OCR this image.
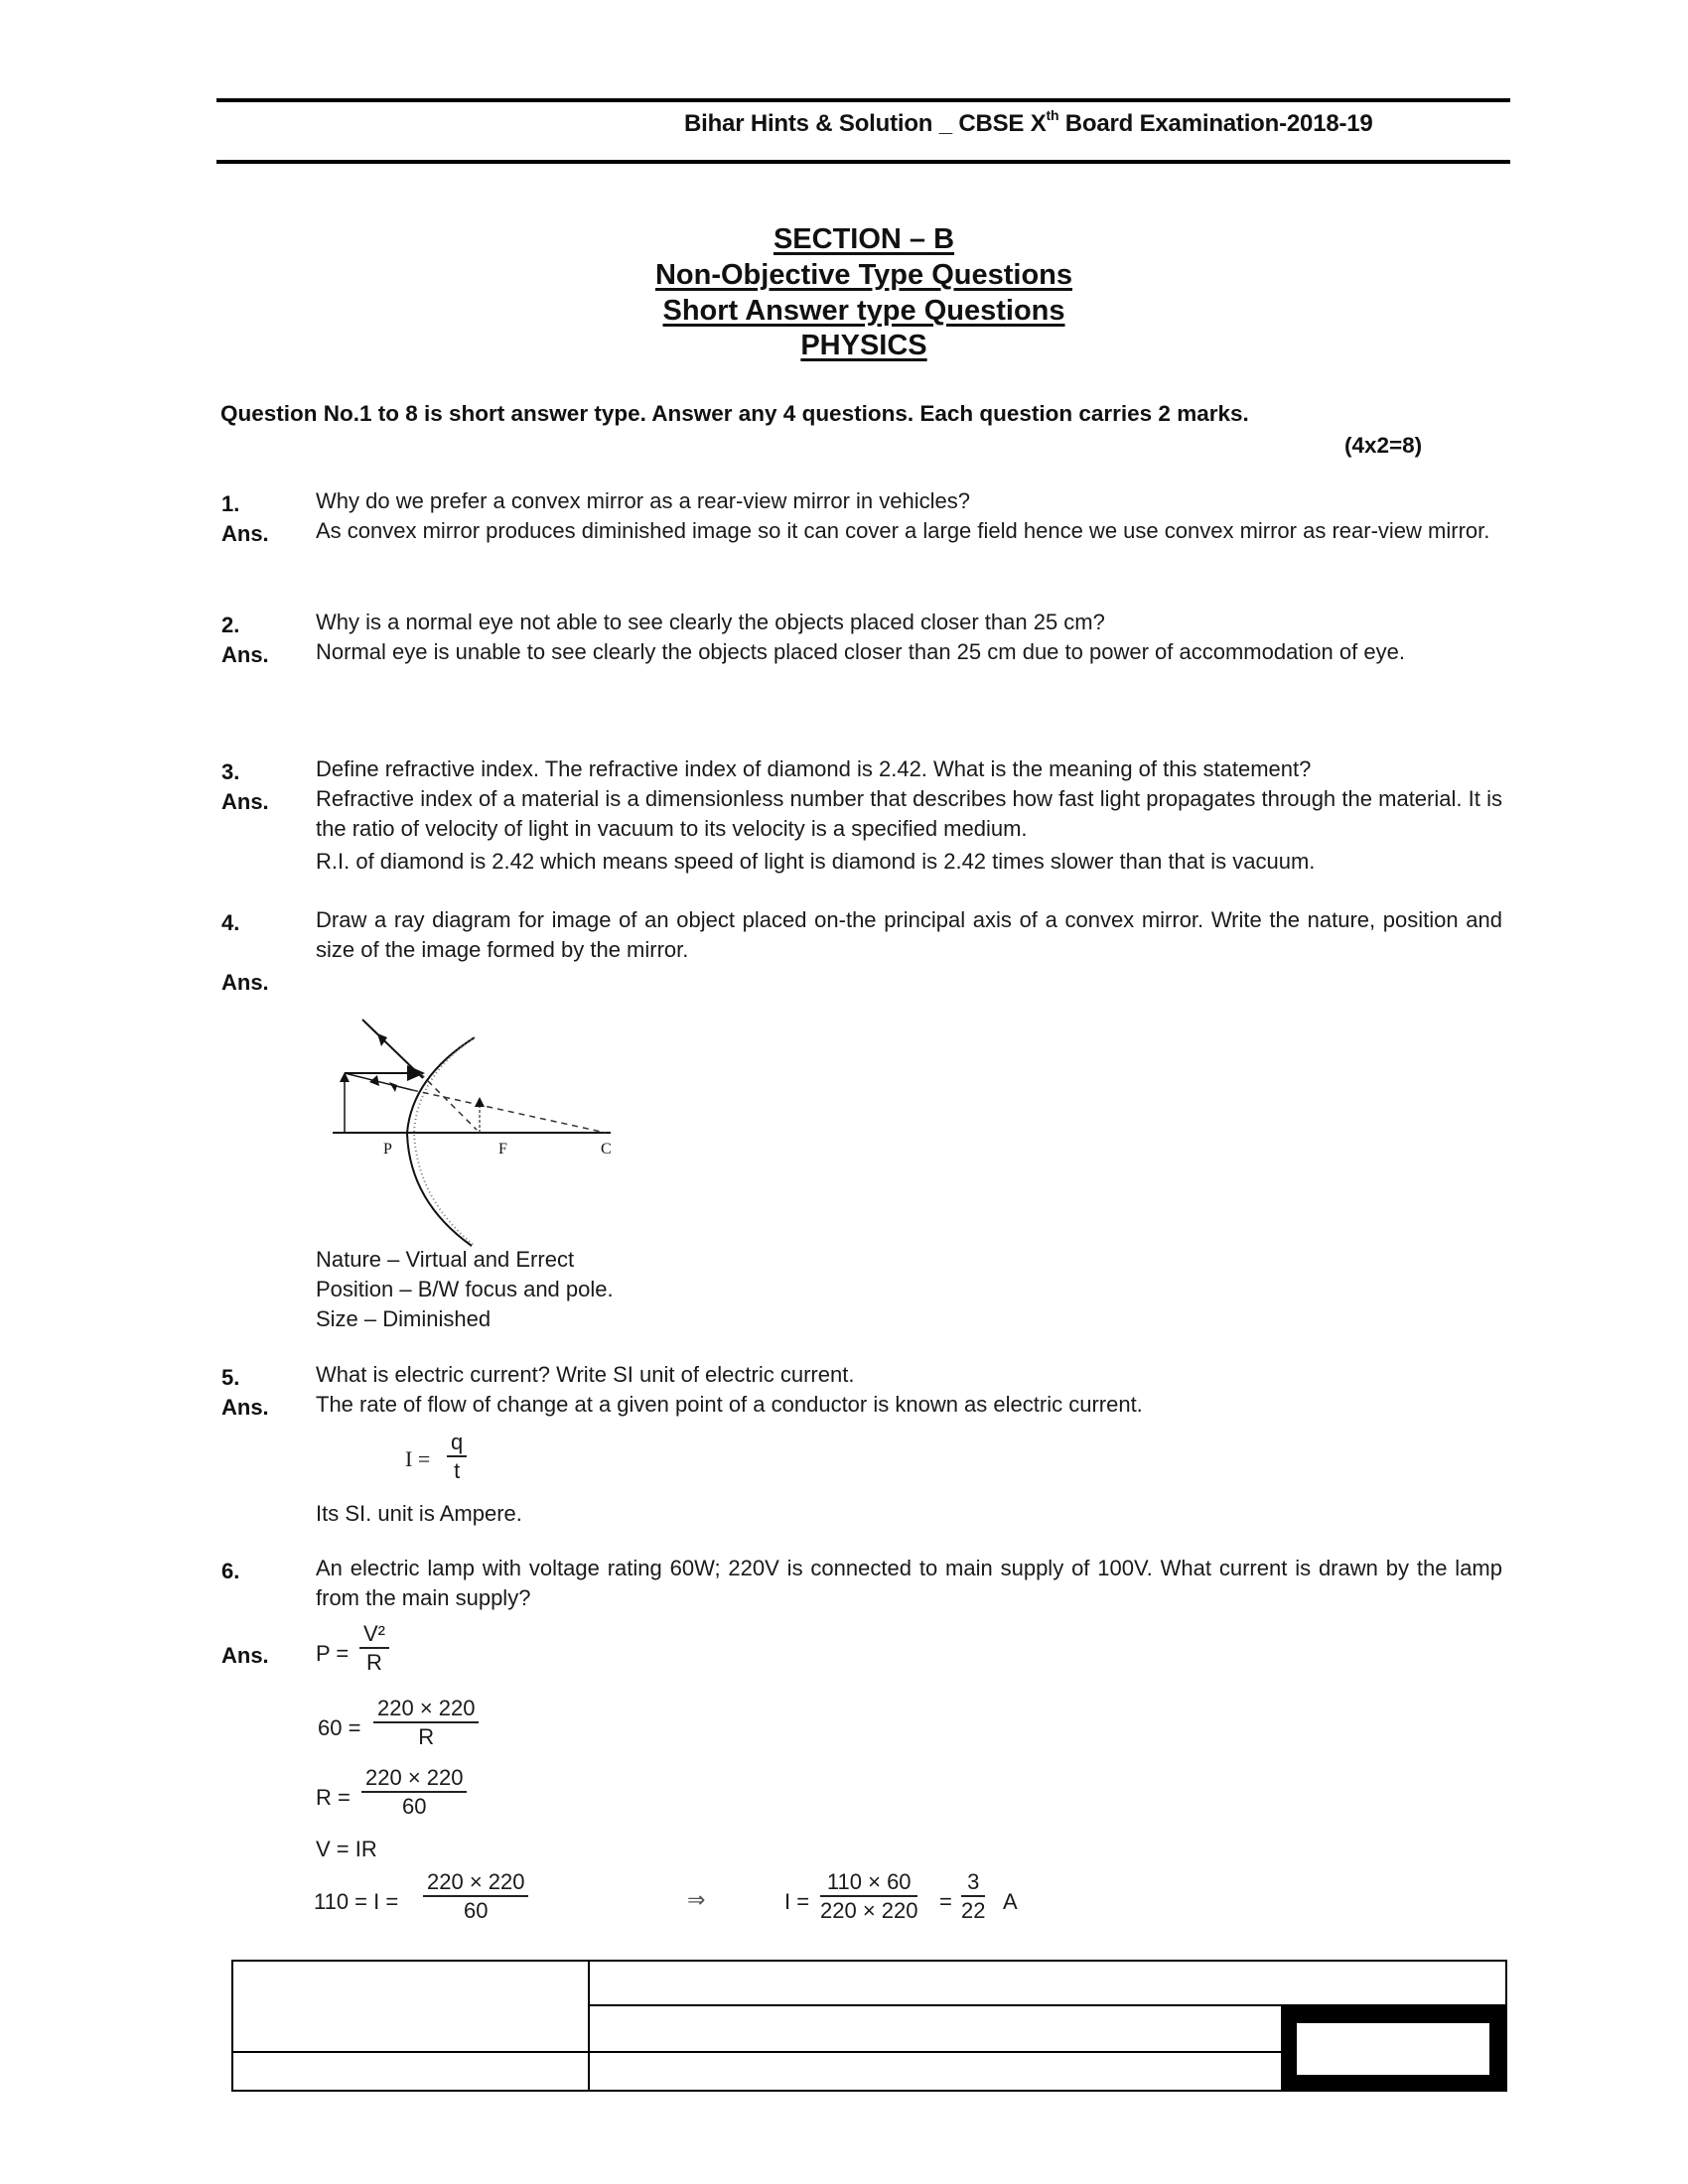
Bihar Hints & Solution _ CBSE Xth Board Examination-2018-19
SECTION – B
Non-Objective Type Questions
Short Answer type Questions
PHYSICS
Question No.1 to 8 is short answer type. Answer any 4 questions. Each question carries 2 marks.
(4x2=8)
1.	Why do we prefer a convex mirror as a rear-view mirror in vehicles?
Ans. As convex mirror produces diminished image so it can cover a large field hence we use convex mirror as rear-view mirror.
2.	Why is a normal eye not able to see clearly the objects placed closer than 25 cm?
Ans. Normal eye is unable to see clearly the objects placed closer than 25 cm due to power of accommodation of eye.
3.	Define refractive index. The refractive index of diamond is 2.42. What is the meaning of this statement?
Ans. Refractive index of a material is a dimensionless number that describes how fast light propagates through the material. It is the ratio of velocity of light in vacuum to its velocity is a specified medium.
R.I. of diamond is 2.42 which means speed of light is diamond is 2.42 times slower than that is vacuum.
4.	Draw a ray diagram for image of an object placed on-the principal axis of a convex mirror. Write the nature, position and size of the image formed by the mirror.
Ans.
P	F	C
Nature – Virtual and Errect
Position – B/W focus and pole.
Size – Diminished
5.	What is electric current? Write SI unit of electric current.
Ans. The rate of flow of change at a given point of a conductor is known as electric current.
I =
q
t
Its SI. unit is Ampere.
6.	An electric lamp with voltage rating 60W; 220V is connected to main supply of 100V. What current is drawn by the lamp from the main supply?
Ans. P =
V²
R
60 =
220 × 220
R
R =
220 × 220
60
V = IR
110 = I =
220 × 220
60	⇒	I =
110 × 60
220 × 220 =
3
22 A
